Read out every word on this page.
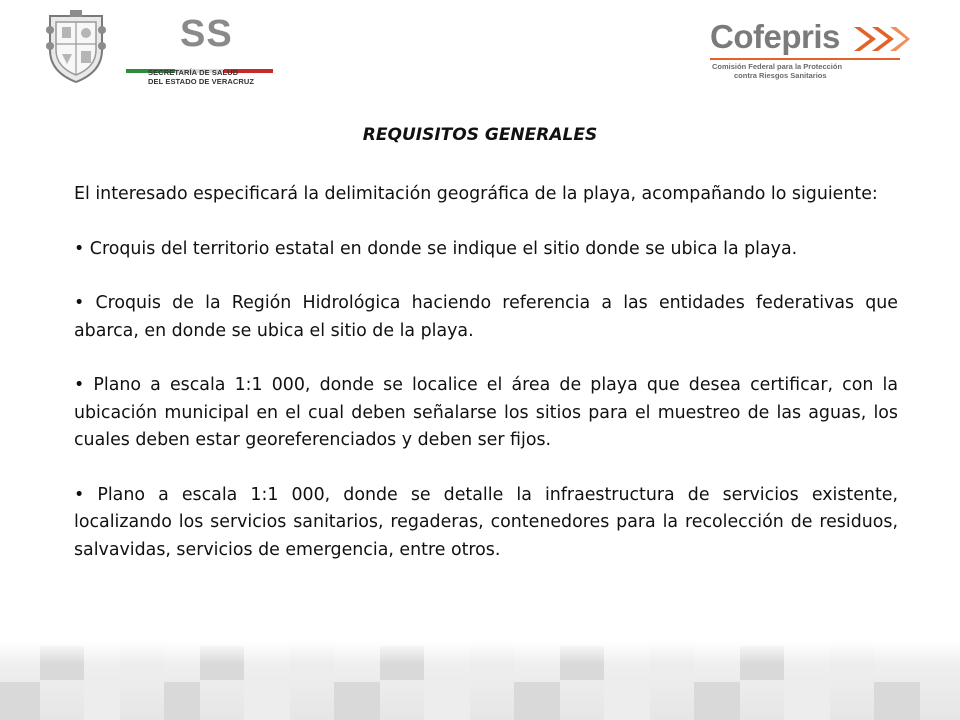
SS
SECRETARÍA DE SALUD
DEL ESTADO DE VERACRUZ
Cofepris
Comisión Federal para la Protección
contra Riesgos Sanitarios
REQUISITOS GENERALES

El interesado especificará la delimitación geográfica de la playa, acompañando lo siguiente:

• Croquis del territorio estatal en donde se indique el sitio donde se ubica la playa.

• Croquis de la Región Hidrológica haciendo referencia a las entidades federativas que abarca, en donde se ubica el sitio de la playa.

• Plano a escala 1:1 000, donde se localice el área de playa que desea certificar, con la ubicación municipal en el cual deben señalarse los sitios para el muestreo de las aguas, los cuales deben estar georeferenciados y deben ser fijos.

• Plano a escala 1:1 000, donde se detalle la infraestructura de servicios existente, localizando los servicios sanitarios, regaderas, contenedores para la recolección de residuos, salvavidas, servicios de emergencia, entre otros.
